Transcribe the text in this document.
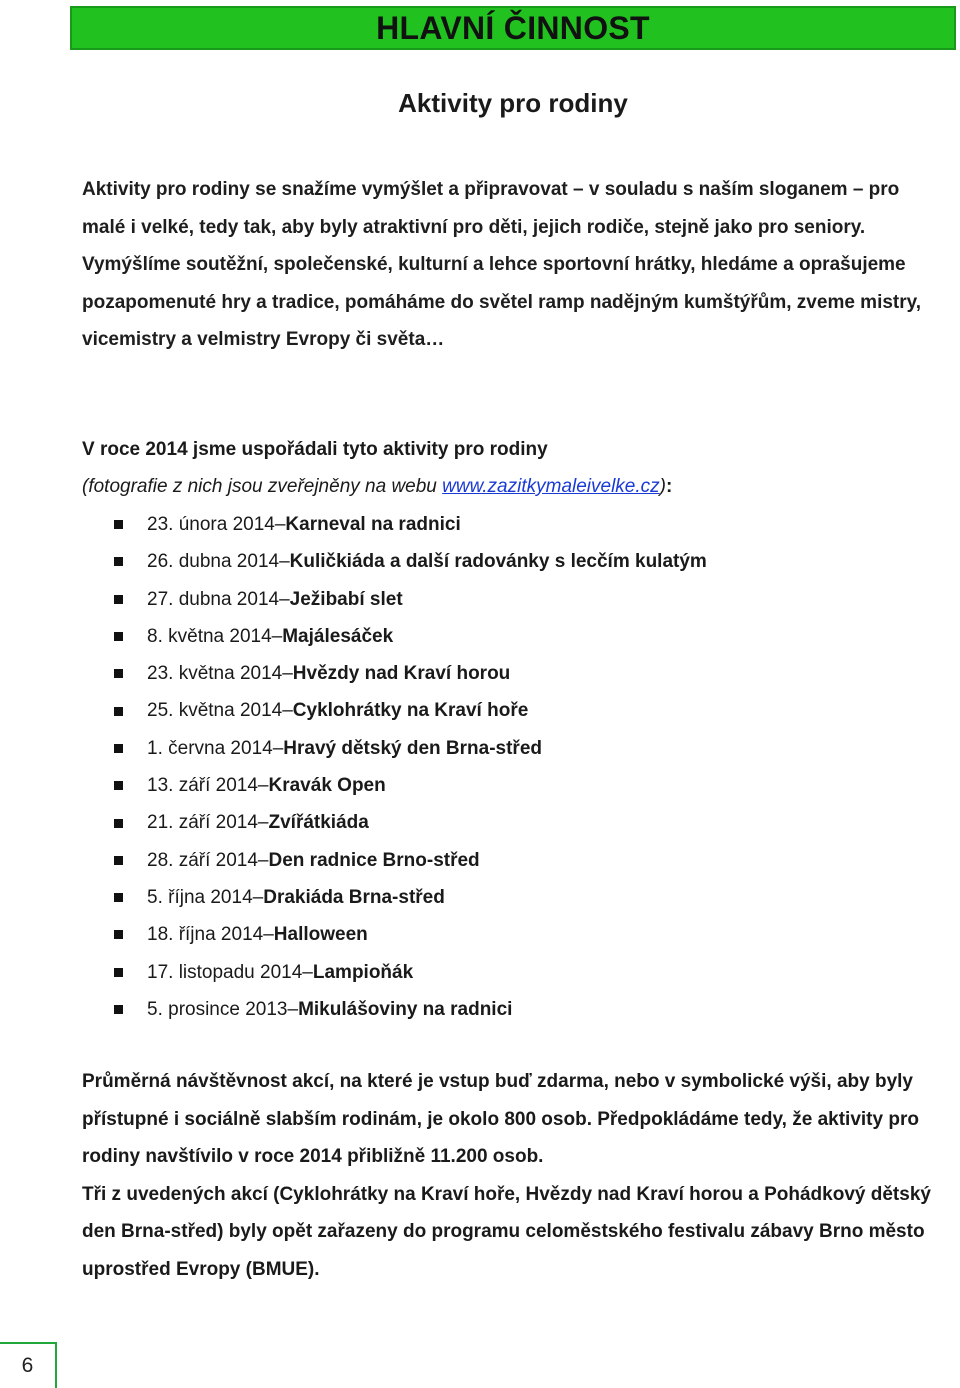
HLAVNÍ ČINNOST
Aktivity pro rodiny

Aktivity pro rodiny se snažíme vymýšlet a připravovat – v souladu s naším sloganem – pro malé i velké, tedy tak, aby byly atraktivní pro děti, jejich rodiče, stejně jako pro seniory. Vymýšlíme soutěžní, společenské, kulturní a lehce sportovní hrátky, hledáme a oprašujeme pozapomenuté hry a tradice, pomáháme do světel ramp nadějným kumštýřům, zveme mistry, vicemistry a velmistry Evropy či světa…

V roce 2014 jsme uspořádali tyto aktivity pro rodiny

(fotografie z nich jsou zveřejněny na webu www.zazitkymaleivelke.cz):

23. února 2014 – Karneval na radnici
26. dubna 2014 – Kuličkiáda a další radovánky s lecčím kulatým
27. dubna 2014 – Ježibabí slet
8. května 2014 – Majálesáček
23. května 2014 – Hvězdy nad Kraví horou
25. května 2014 – Cyklohrátky na Kraví hoře
1. června 2014 – Hravý dětský den Brna-střed
13. září 2014 – Kravák Open
21. září 2014 – Zvířátkiáda
28. září 2014 – Den radnice Brno-střed
5. října 2014 – Drakiáda Brna-střed
18. října 2014 – Halloween
17. listopadu 2014 – Lampioňák
5. prosince 2013 – Mikulášoviny na radnici
Průměrná návštěvnost akcí, na které je vstup buď zdarma, nebo v symbolické výši, aby byly přístupné i sociálně slabším rodinám, je okolo 800 osob. Předpokládáme tedy, že aktivity pro rodiny navštívilo v roce 2014 přibližně 11.200 osob.
Tři z uvedených akcí (Cyklohrátky na Kraví hoře, Hvězdy nad Kraví horou a Pohádkový dětský den Brna-střed) byly opět zařazeny do programu celoměstského festivalu zábavy Brno město uprostřed Evropy (BMUE).
6
